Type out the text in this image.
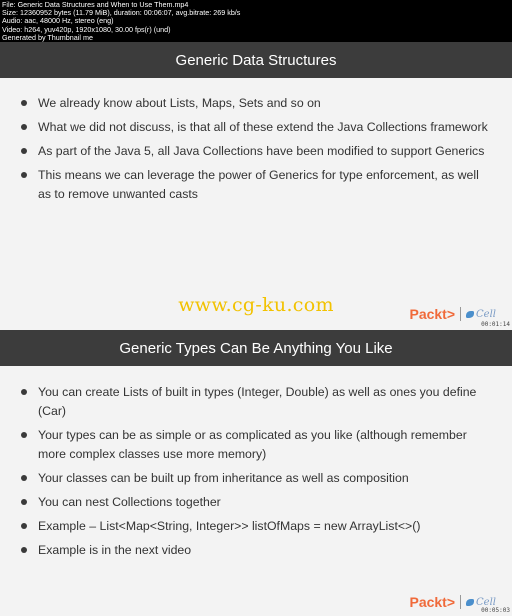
File: Generic Data Structures and When to Use Them.mp4
Size: 12360952 bytes (11.79 MiB), duration: 00:06:07, avg.bitrate: 269 kb/s
Audio: aac, 48000 Hz, stereo (eng)
Video: h264, yuv420p, 1920x1080, 30.00 fps(r) (und)
Generated by Thumbnail me
Generic Data Structures
We already know about Lists, Maps, Sets and so on
What we did not discuss, is that all of these extend the Java Collections framework
As part of the Java 5, all Java Collections have been modified to support Generics
This means we can leverage the power of Generics for type enforcement, as well as to remove unwanted casts
www.cg-ku.com	Packt> Cell
00:01:14
Generic Types Can Be Anything You Like
You can create Lists of built in types (Integer, Double) as well as ones you define (Car)
Your types can be as simple or as complicated as you like (although remember more complex classes use more memory)
Your classes can be built up from inheritance as well as composition
You can nest Collections together
Example – List<Map<String, Integer>> listOfMaps = new ArrayList<>()
Example is in the next video
Packt> Cell
00:05:03
